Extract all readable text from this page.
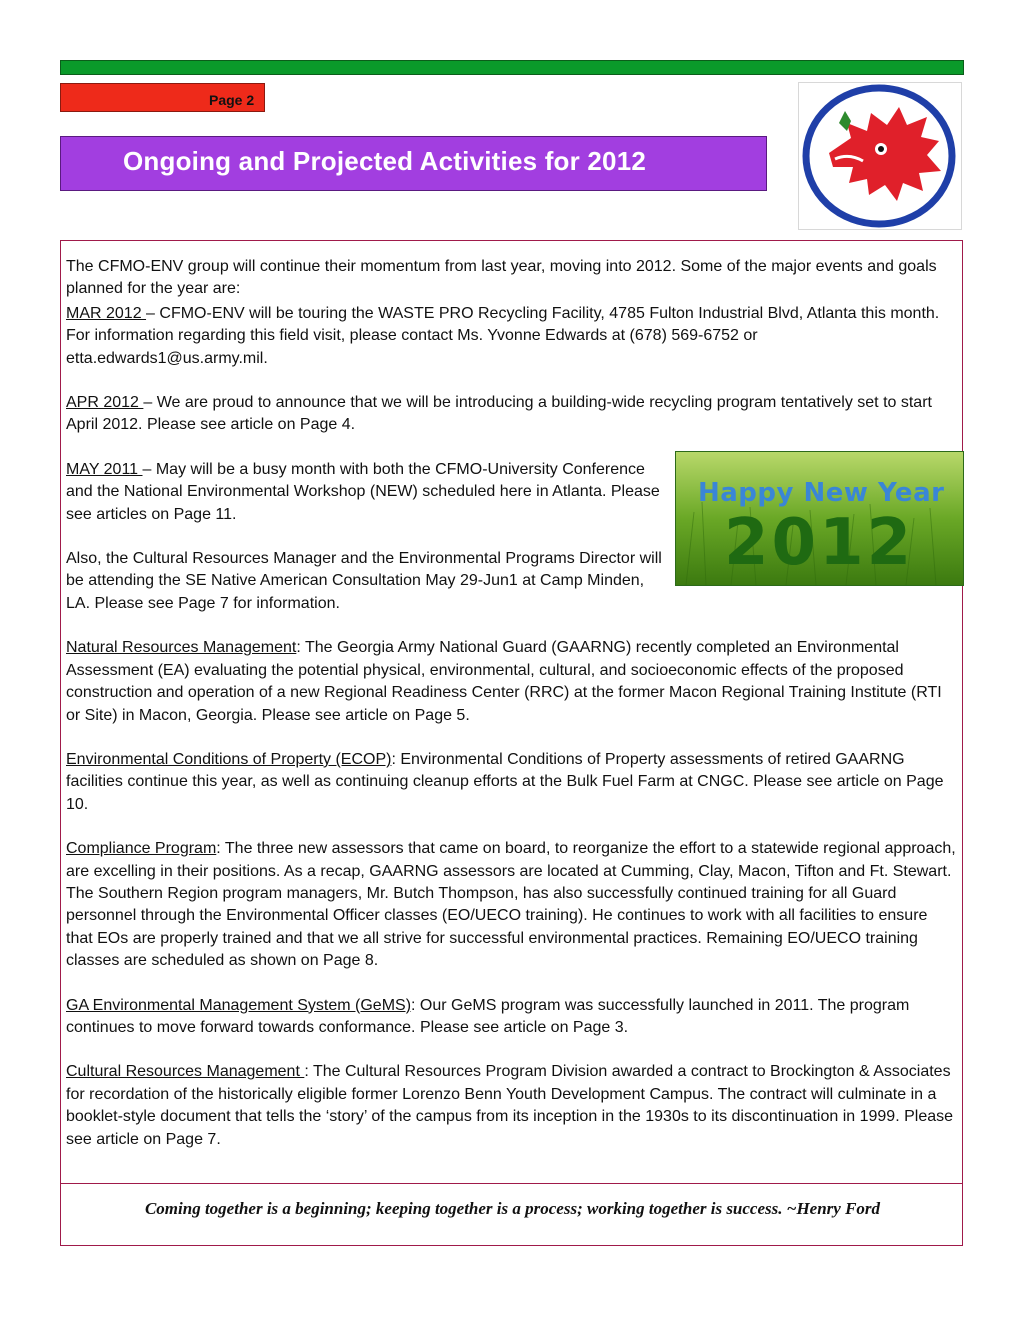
Page 2
Ongoing and Projected Activities for 2012

The CFMO-ENV group will continue their momentum from last year, moving into 2012. Some of the major events and goals planned for the year are:

MAR 2012 – CFMO-ENV will be touring the WASTE PRO Recycling Facility, 4785 Fulton Industrial Blvd, Atlanta this month. For information regarding this field visit, please contact Ms. Yvonne Edwards at (678) 569-6752 or etta.edwards1@us.army.mil.

APR 2012 – We are proud to announce that we will be introducing a building-wide recycling program tentatively set to start April 2012. Please see article on Page 4.

Happy New Year
2012

MAY 2011 – May will be a busy month with both the CFMO-University Conference and the National Environmental Workshop (NEW) scheduled here in Atlanta. Please see articles on Page 11.

Also, the Cultural Resources Manager and the Environmental Programs Director will be attending the SE Native American Consultation May 29-Jun1 at Camp Minden, LA. Please see Page 7 for information.

Natural Resources Management: The Georgia Army National Guard (GAARNG) recently completed an Environmental Assessment (EA) evaluating the potential physical, environmental, cultural, and socioeconomic effects of the proposed construction and operation of a new Regional Readiness Center (RRC) at the former Macon Regional Training Institute (RTI or Site) in Macon, Georgia. Please see article on Page 5.

Environmental Conditions of Property (ECOP): Environmental Conditions of Property assessments of retired GAARNG facilities continue this year, as well as continuing cleanup efforts at the Bulk Fuel Farm at CNGC. Please see article on Page 10.

Compliance Program: The three new assessors that came on board, to reorganize the effort to a statewide regional approach, are excelling in their positions. As a recap, GAARNG assessors are located at Cumming, Clay, Macon, Tifton and Ft. Stewart. The Southern Region program managers, Mr. Butch Thompson, has also successfully continued training for all Guard personnel through the Environmental Officer classes (EO/UECO training). He continues to work with all facilities to ensure that EOs are properly trained and that we all strive for successful environmental practices. Remaining EO/UECO training classes are scheduled as shown on Page 8.

GA Environmental Management System (GeMS): Our GeMS program was successfully launched in 2011. The program continues to move forward towards conformance. Please see article on Page 3.

Cultural Resources Management : The Cultural Resources Program Division awarded a contract to Brockington & Associates for recordation of the historically eligible former Lorenzo Benn Youth Development Campus. The contract will culminate in a booklet-style document that tells the ‘story’ of the campus from its inception in the 1930s to its discontinuation in 1999. Please see article on Page 7.

Coming together is a beginning; keeping together is a process; working together is success. ~Henry Ford
